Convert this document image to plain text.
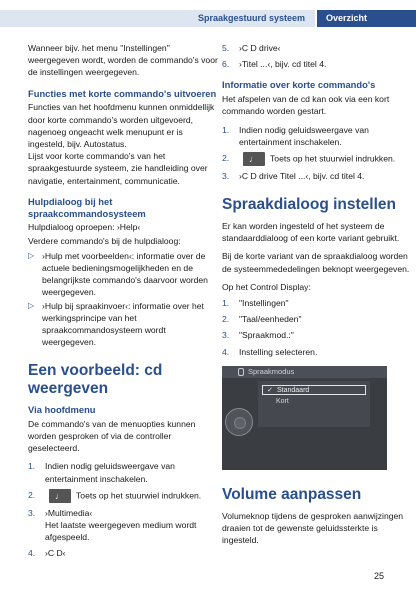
Spraakgestuurd systeem	Overzicht

Wanneer bijv. het menu "Instellingen" weergegeven wordt, worden de commando's voor de instellingen weergegeven.

Functies met korte commando's uitvoeren

Functies van het hoofdmenu kunnen onmiddellijk door korte commando's worden uitgevoerd, nagenoeg ongeacht welk menupunt er is ingesteld, bijv. Autostatus.

Lijst voor korte commando's van het spraakgestuurde systeem, zie handleiding over navigatie, entertainment, communicatie.

Hulpdialoog bij het spraakcommandosysteem

Hulpdialoog oproepen: ›Help‹

Verdere commando's bij de hulpdialoog:

▷ ›Hulp met voorbeelden‹: informatie over de actuele bedieningsmogelijkheden en de belangrijkste commando's daarvoor worden weergegeven.
▷ ›Hulp bij spraakinvoer‹: informatie over het werkingsprincipe van het spraakcommandosysteem wordt weergegeven.
Een voorbeeld: cd weergeven
Via hoofdmenu

De commando's van de menuopties kunnen worden gesproken of via de controller geselecteerd.

1. Indien nodig geluidsweergave van entertainment inschakelen.
2. ♩ Toets op het stuurwiel indrukken.
3. ›Multimedia‹
Het laatste weergegeven medium wordt afgespeeld.
4. ›C D‹
5. ›C D drive‹
6. ›Titel ...‹, bijv. cd titel 4.
Informatie over korte commando's

Het afspelen van de cd kan ook via een kort commando worden gestart.

1. Indien nodig geluidsweergave van entertainment inschakelen.
2. ♩ Toets op het stuurwiel indrukken.
3. ›C D drive Titel ...‹, bijv. cd titel 4.
Spraakdialoog instellen

Er kan worden ingesteld of het systeem de standaarddialoog of een korte variant gebruikt.

Bij de korte variant van de spraakdialoog worden de systeemmededelingen beknopt weergegeven.

Op het Control Display:

1. "Instellingen"
2. "Taal/eenheden"
3. "Spraakmod.:"
4. Instelling selecteren.
Spraakmodus
✓ Standaard
Kort
Volume aanpassen

Volumeknop tijdens de gesproken aanwijzingen draaien tot de gewenste geluidssterkte is ingesteld.

25
